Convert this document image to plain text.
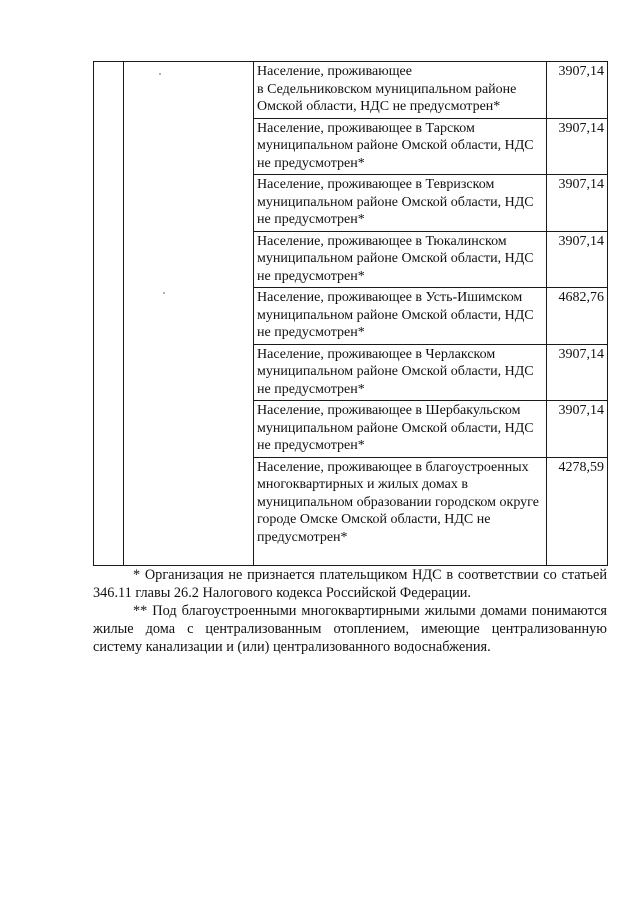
		Население, проживающее
в Седельниковском муниципальном районе Омской области, НДС не предусмотрен*	3907,14
		Население, проживающее в Тарском муниципальном районе Омской области, НДС не предусмотрен*	3907,14
		Население, проживающее в Тевризском муниципальном районе Омской области, НДС не предусмотрен*	3907,14
		Население, проживающее в Тюкалинском муниципальном районе Омской области, НДС не предусмотрен*	3907,14
		Население, проживающее в Усть-Ишимском муниципальном районе Омской области, НДС не предусмотрен*	4682,76
		Население, проживающее в Черлакском муниципальном районе Омской области, НДС не предусмотрен*	3907,14
		Население, проживающее в Шербакульском муниципальном районе Омской области, НДС не предусмотрен*	3907,14
		Население, проживающее в благоустроенных многоквартирных и жилых домах в муниципальном образовании городском округе городе Омске Омской области, НДС не предусмотрен*	4278,59

* Организация не признается плательщиком НДС в соответствии со статьей 346.11 главы 26.2 Налогового кодекса Российской Федерации.

** Под благоустроенными многоквартирными жилыми домами понимаются жилые дома с централизованным отоплением, имеющие централизованную систему канализации и (или) централизованного водоснабжения.
